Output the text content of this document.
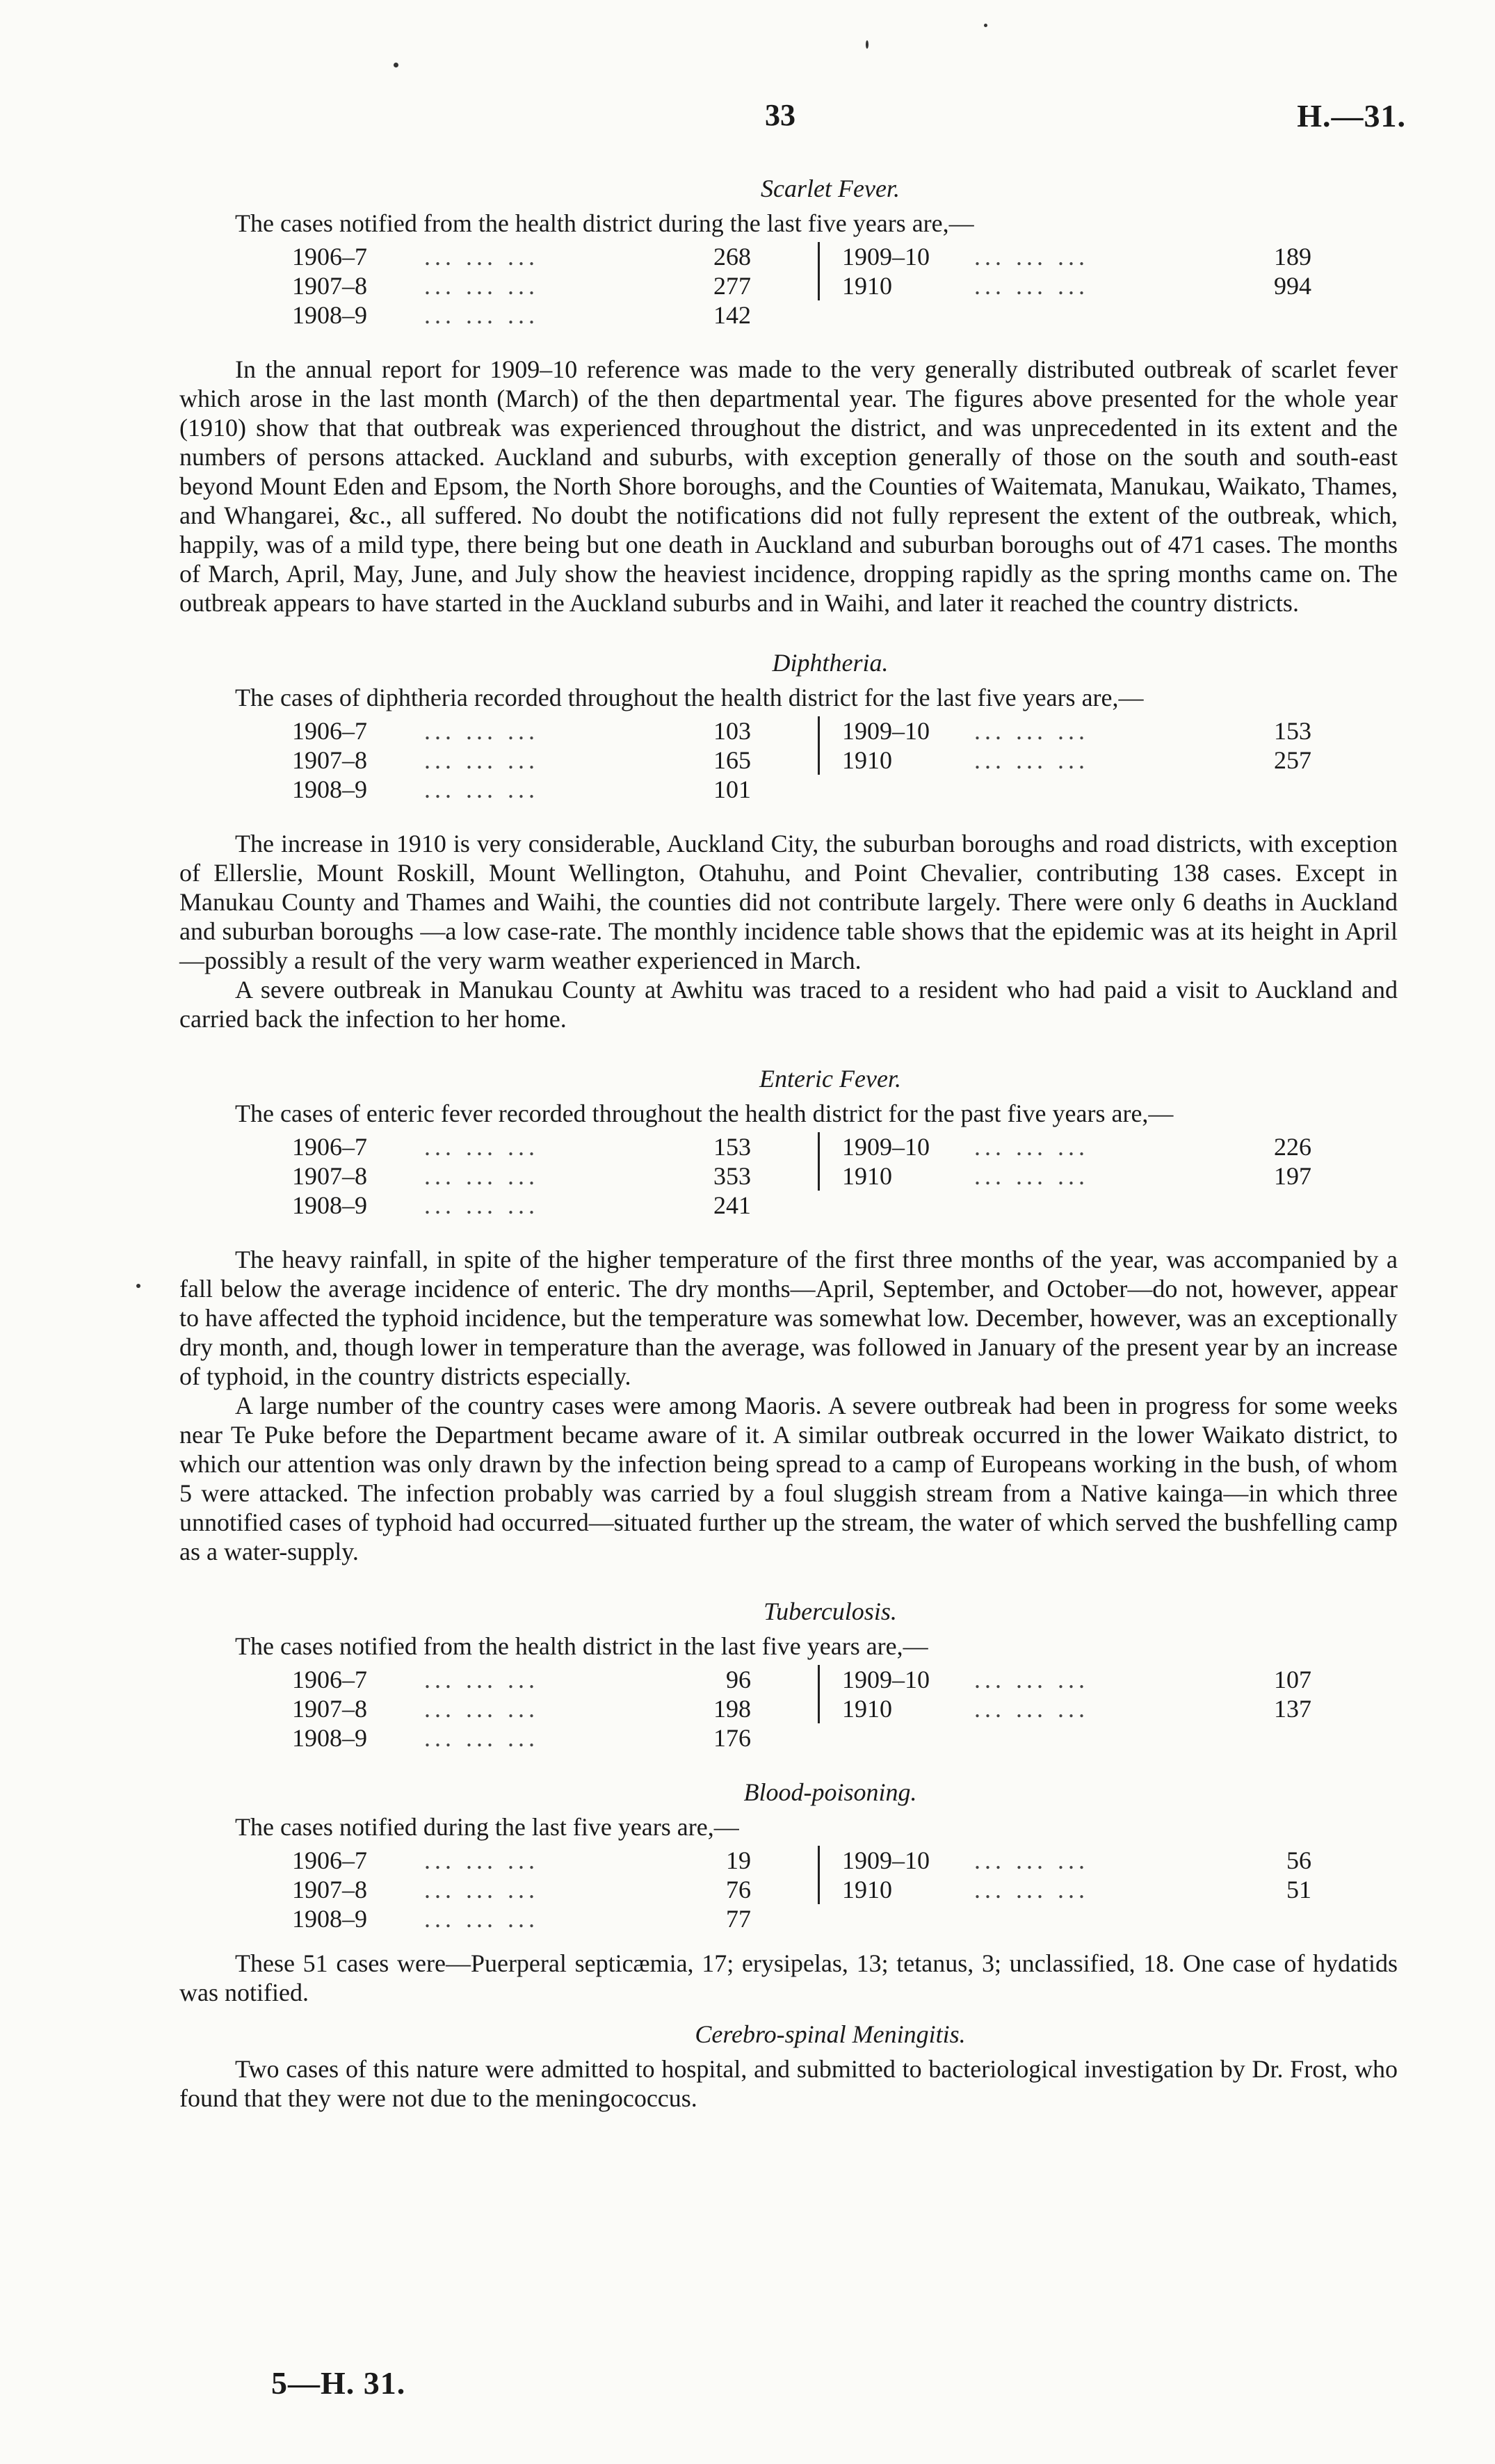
33	H.—31.
Scarlet Fever.
The cases notified from the health district during the last five years are,—
1906–7 ... ... ...	268
1907–8 ... ... ...	277
1908–9 ... ... ...	142
1909–10 ... ... ...	189
1910	... ... ...	994

In the annual report for 1909–10 reference was made to the very generally distributed outbreak of scarlet fever which arose in the last month (March) of the then departmental year. The figures above presented for the whole year (1910) show that that outbreak was experienced throughout the district, and was unprecedented in its extent and the numbers of persons attacked. Auckland and suburbs, with exception generally of those on the south and south-east beyond Mount Eden and Epsom, the North Shore boroughs, and the Counties of Waitemata, Manukau, Waikato, Thames, and Whangarei, &c., all suffered. No doubt the notifications did not fully represent the extent of the outbreak, which, happily, was of a mild type, there being but one death in Auckland and suburban boroughs out of 471 cases. The months of March, April, May, June, and July show the heaviest incidence, dropping rapidly as the spring months came on. The outbreak appears to have started in the Auckland suburbs and in Waihi, and later it reached the country districts.

Diphtheria.
The cases of diphtheria recorded throughout the health district for the last five years are,—
1906–7 ... ... ...	103
1907–8 ... ... ...	165
1908–9 ... ... ...	101
1909–10 ... ... ...	153
1910	... ... ...	257

The increase in 1910 is very considerable, Auckland City, the suburban boroughs and road districts, with exception of Ellerslie, Mount Roskill, Mount Wellington, Otahuhu, and Point Chevalier, contributing 138 cases. Except in Manukau County and Thames and Waihi, the counties did not contribute largely. There were only 6 deaths in Auckland and suburban boroughs —a low case-rate. The monthly incidence table shows that the epidemic was at its height in April —possibly a result of the very warm weather experienced in March.

A severe outbreak in Manukau County at Awhitu was traced to a resident who had paid a visit to Auckland and carried back the infection to her home.

Enteric Fever.
The cases of enteric fever recorded throughout the health district for the past five years are,—
1906–7 ... ... ...	153
1907–8 ... ... ...	353
1908–9 ... ... ...	241
1909–10 ... ... ...	226
1910	... ... ...	197

The heavy rainfall, in spite of the higher temperature of the first three months of the year, was accompanied by a fall below the average incidence of enteric. The dry months—April, September, and October—do not, however, appear to have affected the typhoid incidence, but the temperature was somewhat low. December, however, was an exceptionally dry month, and, though lower in temperature than the average, was followed in January of the present year by an increase of typhoid, in the country districts especially.

A large number of the country cases were among Maoris. A severe outbreak had been in progress for some weeks near Te Puke before the Department became aware of it. A similar outbreak occurred in the lower Waikato district, to which our attention was only drawn by the infection being spread to a camp of Europeans working in the bush, of whom 5 were attacked. The infection probably was carried by a foul sluggish stream from a Native kainga—in which three unnotified cases of typhoid had occurred—situated further up the stream, the water of which served the bushfelling camp as a water-supply.

Tuberculosis.
The cases notified from the health district in the last five years are,—
1906–7 ... ... ...	96
1907–8 ... ... ...	198
1908–9 ... ... ...	176
1909–10 ... ... ...	107
1910	... ... ...	137
Blood-poisoning.
The cases notified during the last five years are,—
1906–7 ... ... ...	19
1907–8 ... ... ...	76
1908–9 ... ... ...	77
1909–10 ... ... ...	56
1910	... ... ...	51

These 51 cases were—Puerperal septicæmia, 17; erysipelas, 13; tetanus, 3; unclassified, 18. One case of hydatids was notified.

Cerebro-spinal Meningitis.

Two cases of this nature were admitted to hospital, and submitted to bacteriological investigation by Dr. Frost, who found that they were not due to the meningococcus.

5—H. 31.
